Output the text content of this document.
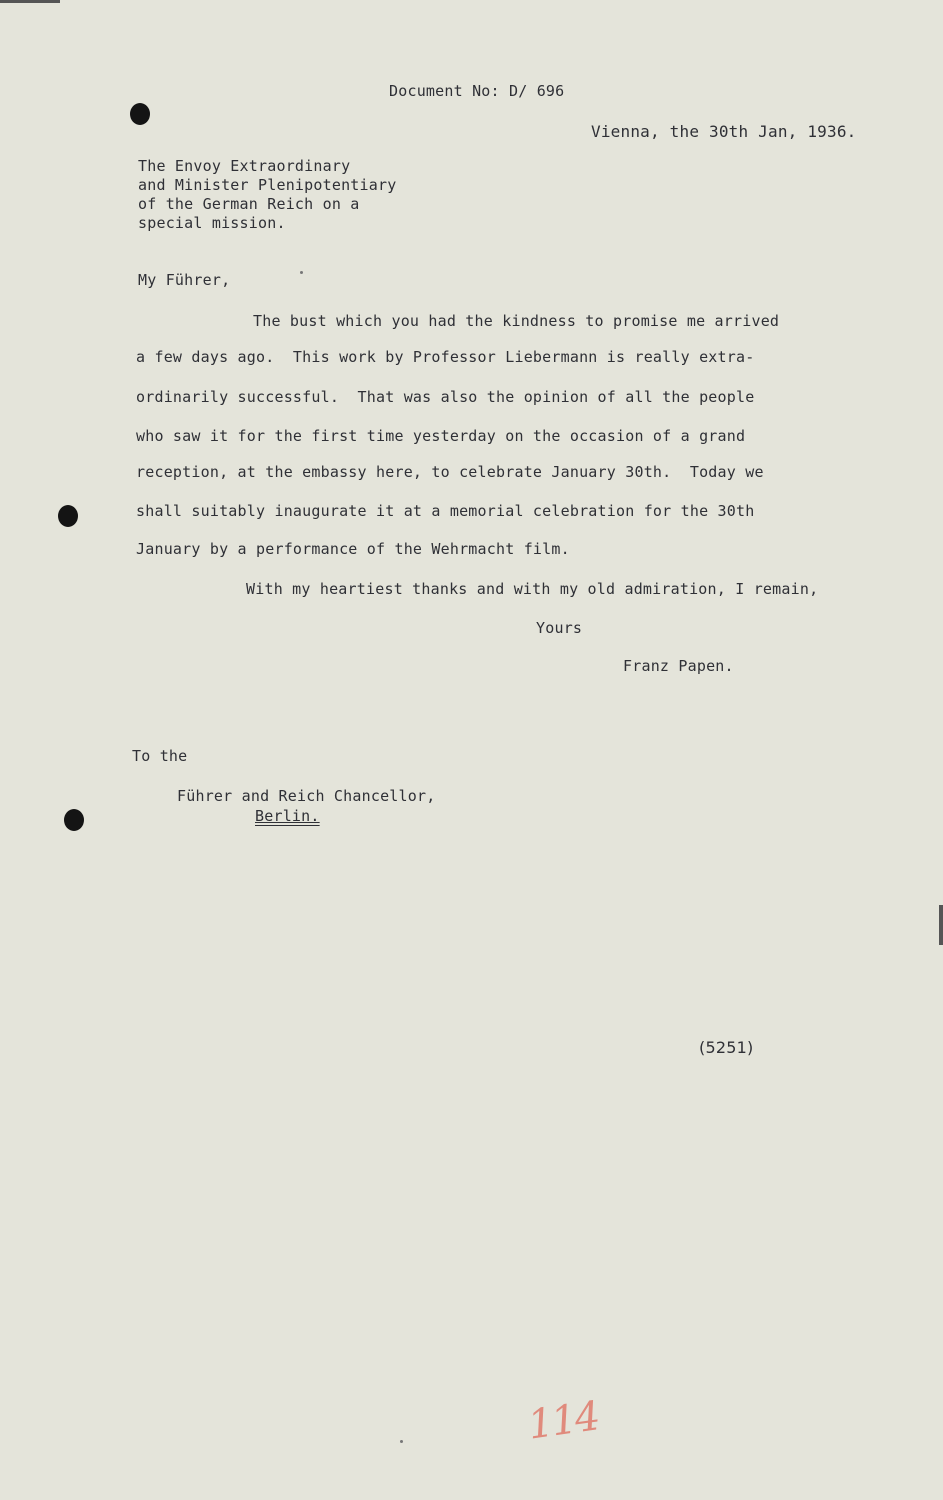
Document No: D/ 696
Vienna, the 30th Jan, 1936.
The Envoy Extraordinary
and Minister Plenipotentiary
of the German Reich on a
special mission.
My Führer,
The bust which you had the kindness to promise me arrived
a few days ago.  This work by Professor Liebermann is really extra-
ordinarily successful.  That was also the opinion of all the people
who saw it for the first time yesterday on the occasion of a grand
reception, at the embassy here, to celebrate January 30th.  Today we
shall suitably inaugurate it at a memorial celebration for the 30th
January by a performance of the Wehrmacht film.
With my heartiest thanks and with my old admiration, I remain,
Yours
Franz Papen.
To the
Führer and Reich Chancellor,
Berlin.
(5251)
114
